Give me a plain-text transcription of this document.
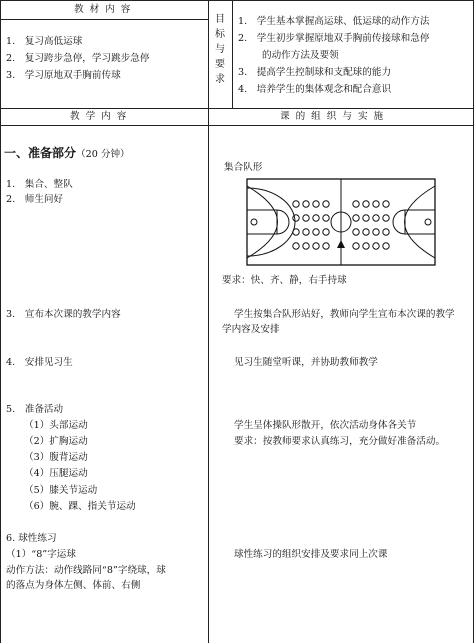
教材内容
1.　复习高低运球
2.　复习跨步急停，学习跳步急停
3.　学习原地双手胸前传球
目
标
与
要
求
1.　学生基本掌握高运球、低运球的动作方法
2.　学生初步掌握原地双手胸前传接球和急停
的动作方法及要领
3.　提高学生控制球和支配球的能力
4.　培养学生的集体观念和配合意识
教学内容	课的组织与实施
一、准备部分（20 分钟）
1.　集合、整队
2.　师生问好
3.　宣布本次课的教学内容
4.　安排见习生
5.　准备活动
（1）头部运动
（2）扩胸运动
（3）腹背运动
（4）压腿运动
（5）膝关节运动
（6）腕、踝、指关节运动
6. 球性练习
（1）“8”字运球
动作方法：动作线路同“8”字绕球，球
的落点为身体左侧、体前、右侧
集合队形
要求：快、齐、静，右手持球
学生按集合队形站好，教师向学生宣布本次课的教学
学内容及安排
见习生随堂听课，并协助教师教学
学生呈体操队形散开，依次活动身体各关节
要求：按教师要求认真练习，充分做好准备活动。
球性练习的组织安排及要求同上次课
